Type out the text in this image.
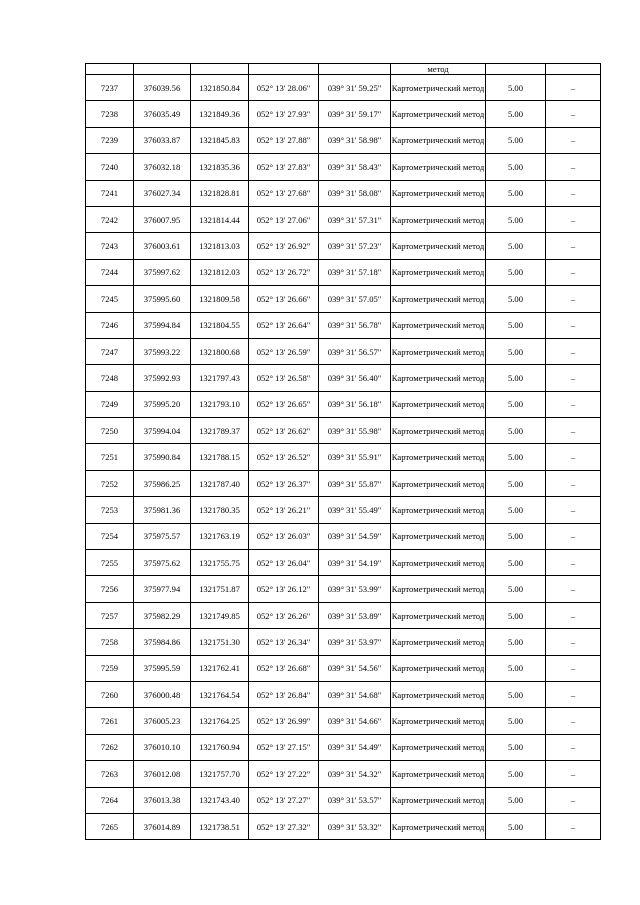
					метод		
7237	376039.56	1321850.84	052° 13' 28.06"	039° 31' 59.25"	Картометрический метод	5.00	–
7238	376035.49	1321849.36	052° 13' 27.93"	039° 31' 59.17"	Картометрический метод	5.00	–
7239	376033.87	1321845.83	052° 13' 27.88"	039° 31' 58.98"	Картометрический метод	5.00	–
7240	376032.18	1321835.36	052° 13' 27.83"	039° 31' 58.43"	Картометрический метод	5.00	–
7241	376027.34	1321828.81	052° 13' 27.68"	039° 31' 58.08"	Картометрический метод	5.00	–
7242	376007.95	1321814.44	052° 13' 27.06"	039° 31' 57.31"	Картометрический метод	5.00	–
7243	376003.61	1321813.03	052° 13' 26.92"	039° 31' 57.23"	Картометрический метод	5.00	–
7244	375997.62	1321812.03	052° 13' 26.72"	039° 31' 57.18"	Картометрический метод	5.00	–
7245	375995.60	1321809.58	052° 13' 26.66"	039° 31' 57.05"	Картометрический метод	5.00	–
7246	375994.84	1321804.55	052° 13' 26.64"	039° 31' 56.78"	Картометрический метод	5.00	–
7247	375993.22	1321800.68	052° 13' 26.59"	039° 31' 56.57"	Картометрический метод	5.00	–
7248	375992.93	1321797.43	052° 13' 26.58"	039° 31' 56.40"	Картометрический метод	5.00	–
7249	375995.20	1321793.10	052° 13' 26.65"	039° 31' 56.18"	Картометрический метод	5.00	–
7250	375994.04	1321789.37	052° 13' 26.62"	039° 31' 55.98"	Картометрический метод	5.00	–
7251	375990.84	1321788.15	052° 13' 26.52"	039° 31' 55.91"	Картометрический метод	5.00	–
7252	375986.25	1321787.40	052° 13' 26.37"	039° 31' 55.87"	Картометрический метод	5.00	–
7253	375981.36	1321780.35	052° 13' 26.21"	039° 31' 55.49"	Картометрический метод	5.00	–
7254	375975.57	1321763.19	052° 13' 26.03"	039° 31' 54.59"	Картометрический метод	5.00	–
7255	375975.62	1321755.75	052° 13' 26.04"	039° 31' 54.19"	Картометрический метод	5.00	–
7256	375977.94	1321751.87	052° 13' 26.12"	039° 31' 53.99"	Картометрический метод	5.00	–
7257	375982.29	1321749.85	052° 13' 26.26"	039° 31' 53.89"	Картометрический метод	5.00	–
7258	375984.86	1321751.30	052° 13' 26.34"	039° 31' 53.97"	Картометрический метод	5.00	–
7259	375995.59	1321762.41	052° 13' 26.68"	039° 31' 54.56"	Картометрический метод	5.00	–
7260	376000.48	1321764.54	052° 13' 26.84"	039° 31' 54.68"	Картометрический метод	5.00	–
7261	376005.23	1321764.25	052° 13' 26.99"	039° 31' 54.66"	Картометрический метод	5.00	–
7262	376010.10	1321760.94	052° 13' 27.15"	039° 31' 54.49"	Картометрический метод	5.00	–
7263	376012.08	1321757.70	052° 13' 27.22"	039° 31' 54.32"	Картометрический метод	5.00	–
7264	376013.38	1321743.40	052° 13' 27.27"	039° 31' 53.57"	Картометрический метод	5.00	–
7265	376014.89	1321738.51	052° 13' 27.32"	039° 31' 53.32"	Картометрический метод	5.00	–
